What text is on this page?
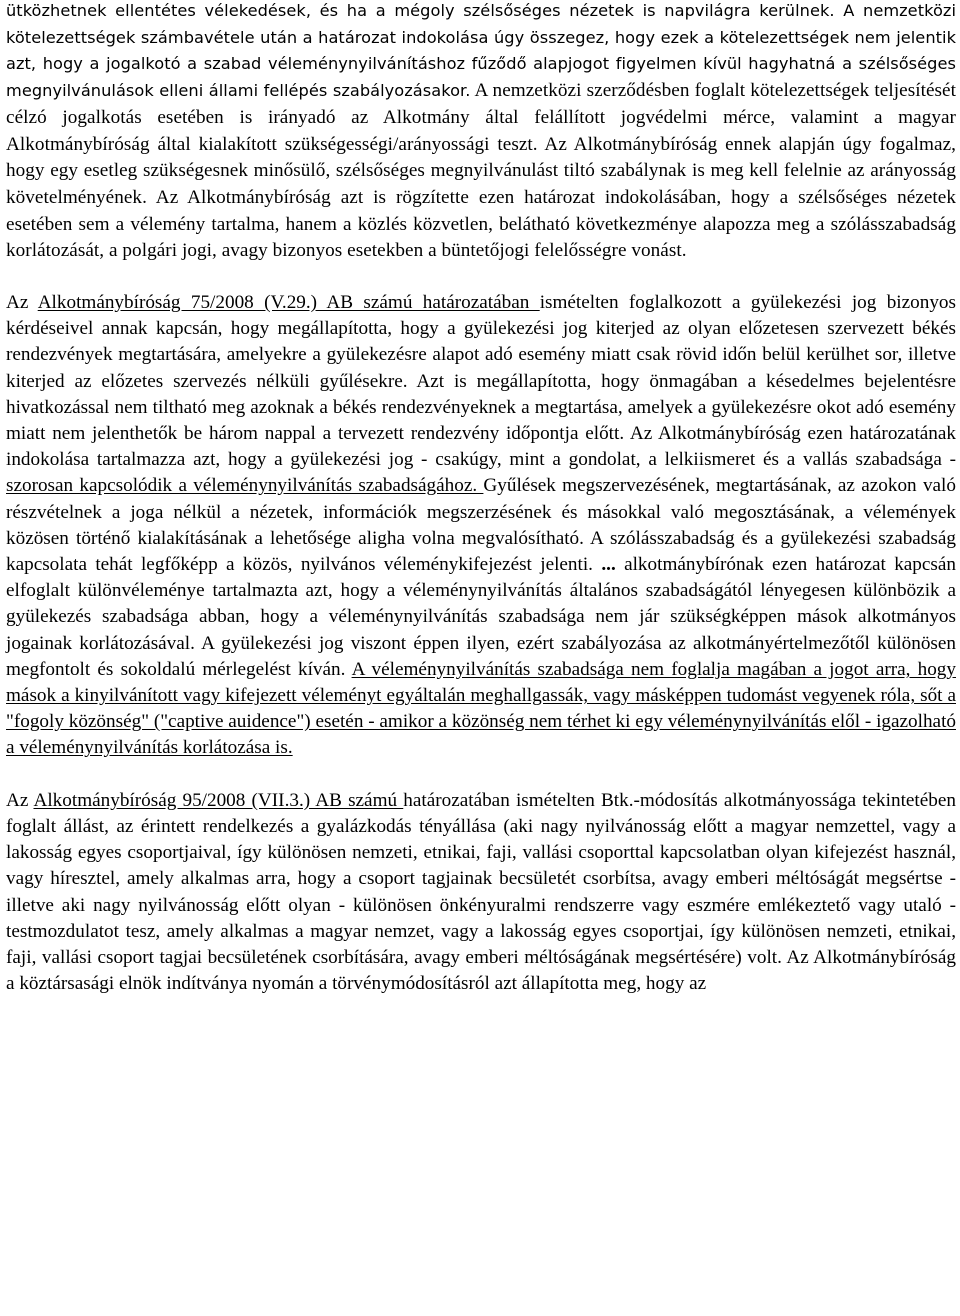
ütközhetnek ellentétes vélekedések, és ha a mégoly szélsőséges nézetek is napvilágra kerülnek. A nemzetközi kötelezettségek számbavétele után a határozat indokolása úgy összegez, hogy ezek a kötelezettségek nem jelentik azt, hogy a jogalkotó a szabad véleménynyilvánításhoz fűződő alapjogot figyelmen kívül hagyhatná a szélsőséges megnyilvánulások elleni állami fellépés szabályozásakor. A nemzetközi szerződésben foglalt kötelezettségek teljesítését célzó jogalkotás esetében is irányadó az Alkotmány által felállított jogvédelmi mérce, valamint a magyar Alkotmánybíróság által kialakított szükségességi/arányossági teszt. Az Alkotmánybíróság ennek alapján úgy fogalmaz, hogy egy esetleg szükségesnek minősülő, szélsőséges megnyilvánulást tiltó szabálynak is meg kell felelnie az arányosság követelményének. Az Alkotmánybíróság azt is rögzítette ezen határozat indokolásában, hogy a szélsőséges nézetek esetében sem a vélemény tartalma, hanem a közlés közvetlen, belátható következménye alapozza meg a szólásszabadság korlátozását, a polgári jogi, avagy bizonyos esetekben a büntetőjogi felelősségre vonást.

Az Alkotmánybíróság 75/2008 (V.29.) AB számú határozatában ismételten foglalkozott a gyülekezési jog bizonyos kérdéseivel annak kapcsán, hogy megállapította, hogy a gyülekezési jog kiterjed az olyan előzetesen szervezett békés rendezvények megtartására, amelyekre a gyülekezésre alapot adó esemény miatt csak rövid időn belül kerülhet sor, illetve kiterjed az előzetes szervezés nélküli gyűlésekre. Azt is megállapította, hogy önmagában a késedelmes bejelentésre hivatkozással nem tiltható meg azoknak a békés rendezvényeknek a megtartása, amelyek a gyülekezésre okot adó esemény miatt nem jelenthetők be három nappal a tervezett rendezvény időpontja előtt. Az Alkotmánybíróság ezen határozatának indokolása tartalmazza azt, hogy a gyülekezési jog - csakúgy, mint a gondolat, a lelkiismeret és a vallás szabadsága - szorosan kapcsolódik a véleménynyilvánítás szabadságához. Gyűlések megszervezésének, megtartásának, az azokon való részvételnek a joga nélkül a nézetek, információk megszerzésének és másokkal való megosztásának, a vélemények közösen történő kialakításának a lehetősége aligha volna megvalósítható. A szólásszabadság és a gyülekezési szabadság kapcsolata tehát legfőképp a közös, nyilvános véleménykifejezést jelenti. ... alkotmánybírónak ezen határozat kapcsán elfoglalt különvéleménye tartalmazta azt, hogy a véleménynyilvánítás általános szabadságától lényegesen különbözik a gyülekezés szabadsága abban, hogy a véleménynyilvánítás szabadsága nem jár szükségképpen mások alkotmányos jogainak korlátozásával. A gyülekezési jog viszont éppen ilyen, ezért szabályozása az alkotmányértelmezőtől különösen megfontolt és sokoldalú mérlegelést kíván. A véleménynyilvánítás szabadsága nem foglalja magában a jogot arra, hogy mások a kinyilvánított vagy kifejezett véleményt egyáltalán meghallgassák, vagy másképpen tudomást vegyenek róla, sőt a "fogoly közönség" ("captive auidence") esetén - amikor a közönség nem térhet ki egy véleménynyilvánítás elől - igazolható a véleménynyilvánítás korlátozása is.

Az Alkotmánybíróság 95/2008 (VII.3.) AB számú határozatában ismételten Btk.-módosítás alkotmányossága tekintetében foglalt állást, az érintett rendelkezés a gyalázkodás tényállása (aki nagy nyilvánosság előtt a magyar nemzettel, vagy a lakosság egyes csoportjaival, így különösen nemzeti, etnikai, faji, vallási csoporttal kapcsolatban olyan kifejezést használ, vagy híresztel, amely alkalmas arra, hogy a csoport tagjainak becsületét csorbítsa, avagy emberi méltóságát megsértse - illetve aki nagy nyilvánosság előtt olyan - különösen önkényuralmi rendszerre vagy eszmére emlékeztető vagy utaló - testmozdulatot tesz, amely alkalmas a magyar nemzet, vagy a lakosság egyes csoportjai, így különösen nemzeti, etnikai, faji, vallási csoport tagjai becsületének csorbítására, avagy emberi méltóságának megsértésére) volt. Az Alkotmánybíróság a köztársasági elnök indítványa nyomán a törvénymódosításról azt állapította meg, hogy az
